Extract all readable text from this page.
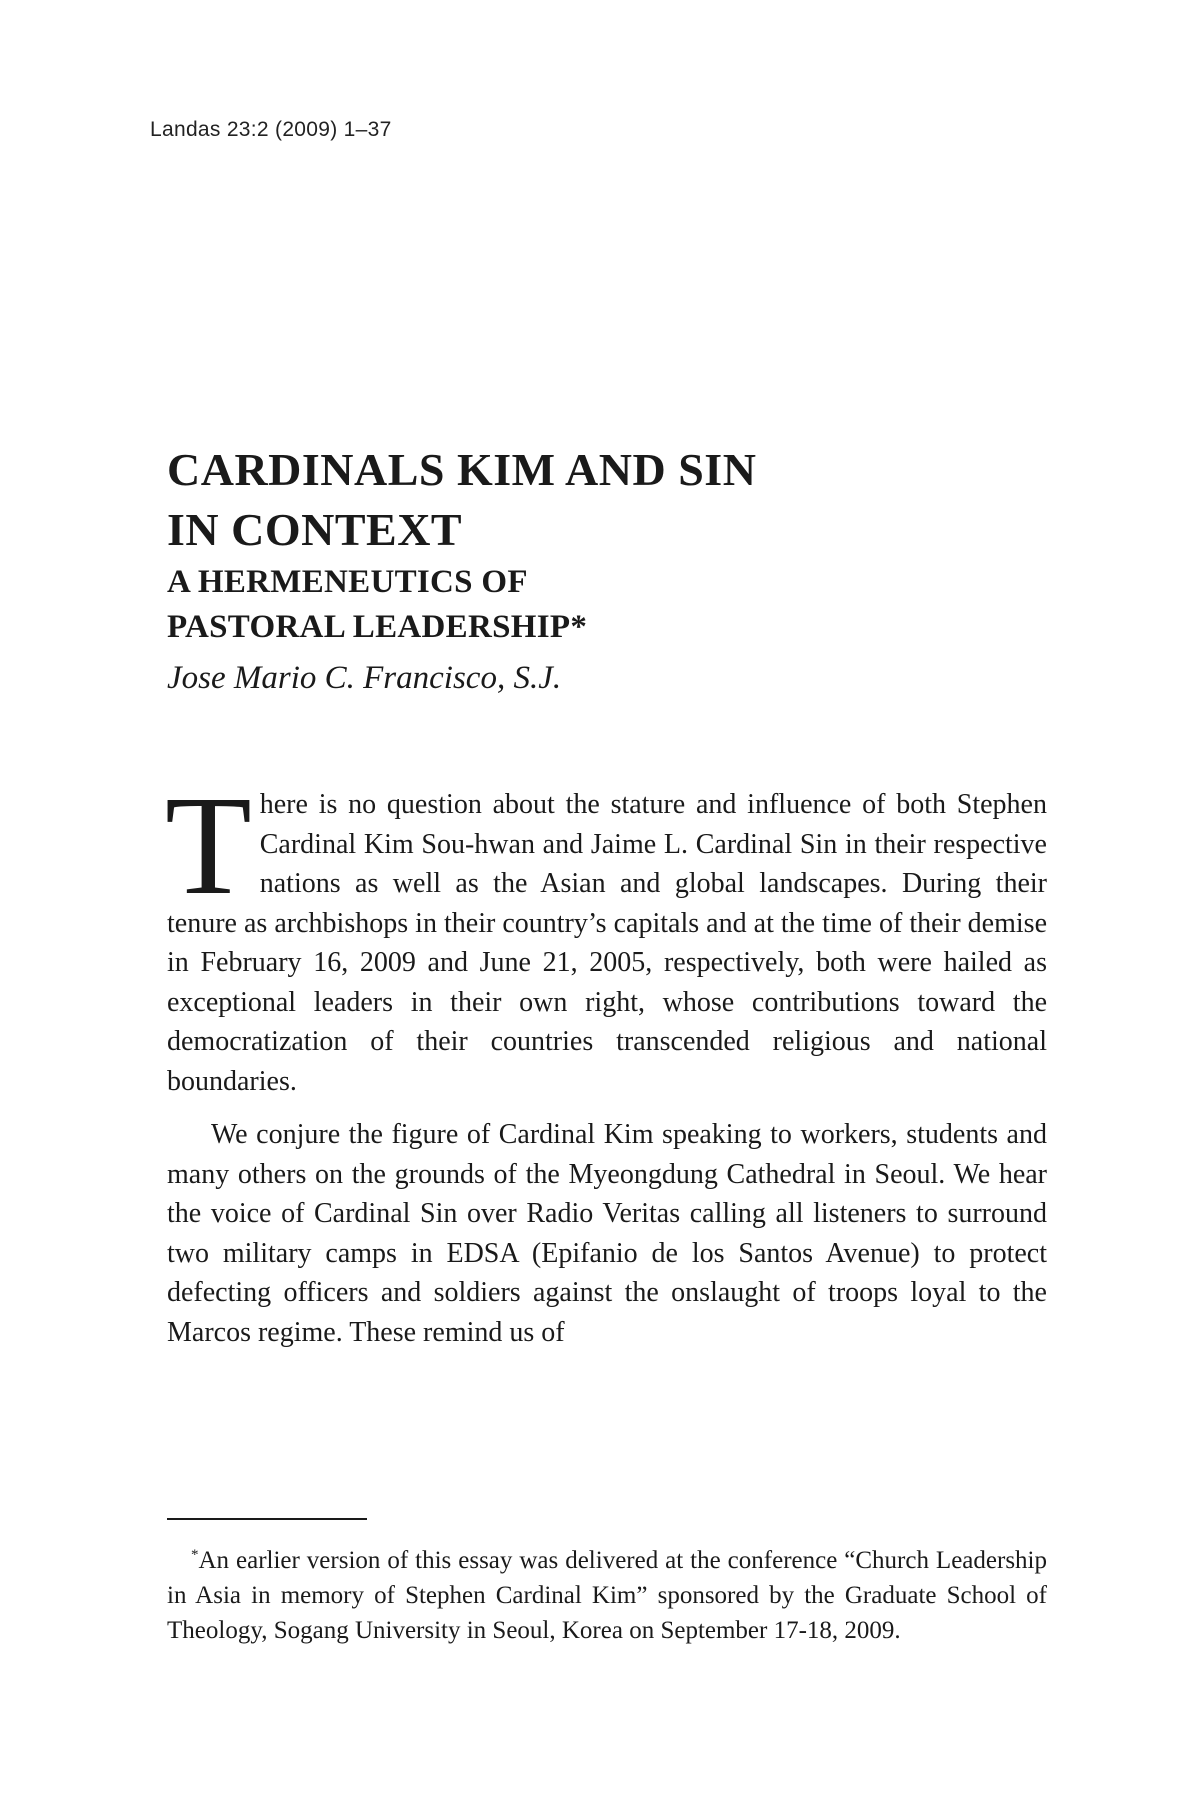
Landas 23:2 (2009) 1–37
CARDINALS KIM AND SIN
IN CONTEXT
A HERMENEUTICS OF
PASTORAL LEADERSHIP*
Jose Mario C. Francisco, S.J.

There is no question about the stature and influence of both Stephen Cardinal Kim Sou-hwan and Jaime L. Cardinal Sin in their respective nations as well as the Asian and global landscapes. During their tenure as archbishops in their country’s capitals and at the time of their demise in February 16, 2009 and June 21, 2005, respectively, both were hailed as exceptional leaders in their own right, whose contributions toward the democratization of their countries transcended religious and national boundaries.

We conjure the figure of Cardinal Kim speaking to workers, students and many others on the grounds of the Myeongdung Cathedral in Seoul. We hear the voice of Cardinal Sin over Radio Veritas calling all listeners to surround two military camps in EDSA (Epifanio de los Santos Avenue) to protect defecting officers and soldiers against the onslaught of troops loyal to the Marcos regime. These remind us of

*An earlier version of this essay was delivered at the conference “Church Leadership in Asia in memory of Stephen Cardinal Kim” sponsored by the Graduate School of Theology, Sogang University in Seoul, Korea on September 17-18, 2009.
